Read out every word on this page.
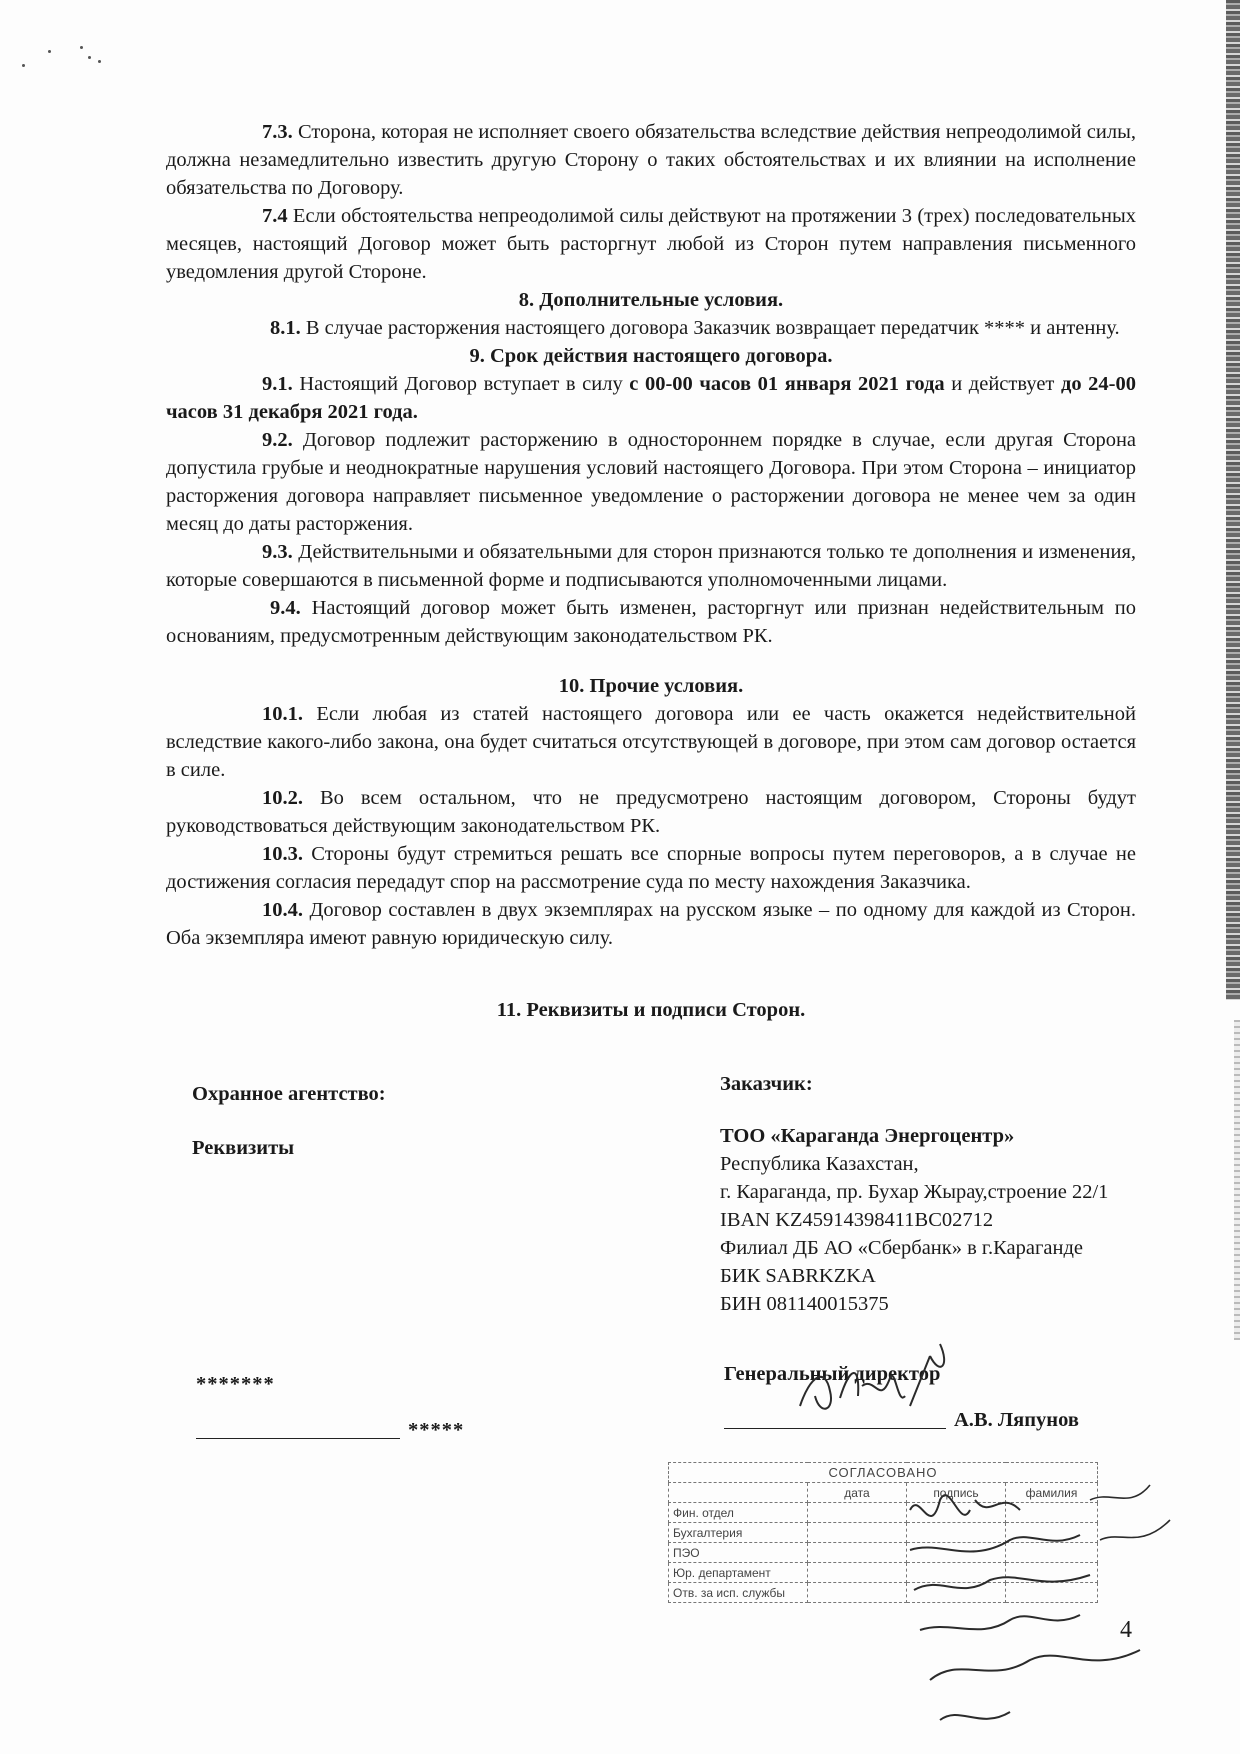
7.3. Сторона, которая не исполняет своего обязательства вследствие действия непреодолимой силы, должна незамедлительно известить другую Сторону о таких обстоятельствах и их влиянии на исполнение обязательства по Договору.

7.4 Если обстоятельства непреодолимой силы действуют на протяжении 3 (трех) последовательных месяцев, настоящий Договор может быть расторгнут любой из Сторон путем направления письменного уведомления другой Стороне.

8. Дополнительные условия.

8.1. В случае расторжения настоящего договора Заказчик возвращает передатчик **** и антенну.

9. Срок действия настоящего договора.

9.1. Настоящий Договор вступает в силу с 00-00 часов 01 января 2021 года и действует до 24-00 часов 31 декабря 2021 года.

9.2. Договор подлежит расторжению в одностороннем порядке в случае, если другая Сторона допустила грубые и неоднократные нарушения условий настоящего Договора. При этом Сторона – инициатор расторжения договора направляет письменное уведомление о расторжении договора не менее чем за один месяц до даты расторжения.

9.3. Действительными и обязательными для сторон признаются только те дополнения и изменения, которые совершаются в письменной форме и подписываются уполномоченными лицами.

9.4. Настоящий договор может быть изменен, расторгнут или признан недействительным по основаниям, предусмотренным действующим законодательством РК.

10. Прочие условия.

10.1. Если любая из статей настоящего договора или ее часть окажется недействительной вследствие какого-либо закона, она будет считаться отсутствующей в договоре, при этом сам договор остается в силе.

10.2. Во всем остальном, что не предусмотрено настоящим договором, Стороны будут руководствоваться действующим законодательством РК.

10.3. Стороны будут стремиться решать все спорные вопросы путем переговоров, а в случае не достижения согласия передадут спор на рассмотрение суда по месту нахождения Заказчика.

10.4. Договор составлен в двух экземплярах на русском языке – по одному для каждой из Сторон. Оба экземпляра имеют равную юридическую силу.

11. Реквизиты и подписи Сторон.

Охранное агентство:
Реквизиты
*******

*****
Заказчик:

ТОО «Караганда Энергоцентр»

Республика Казахстан,

г. Караганда, пр. Бухар Жырау,строение 22/1

IBAN KZ45914398411BC02712

Филиал ДБ АО «Сбербанк» в г.Караганде

БИК SABRKZKA

БИН 081140015375

Генеральный директор

А.В. Ляпунов
СОГЛАСОВАНО			
	дата	подпись	фамилия
Фин. отдел			
Бухгалтерия			
ПЭО			
Юр. департамент			
Отв. за исп. службы			
4
